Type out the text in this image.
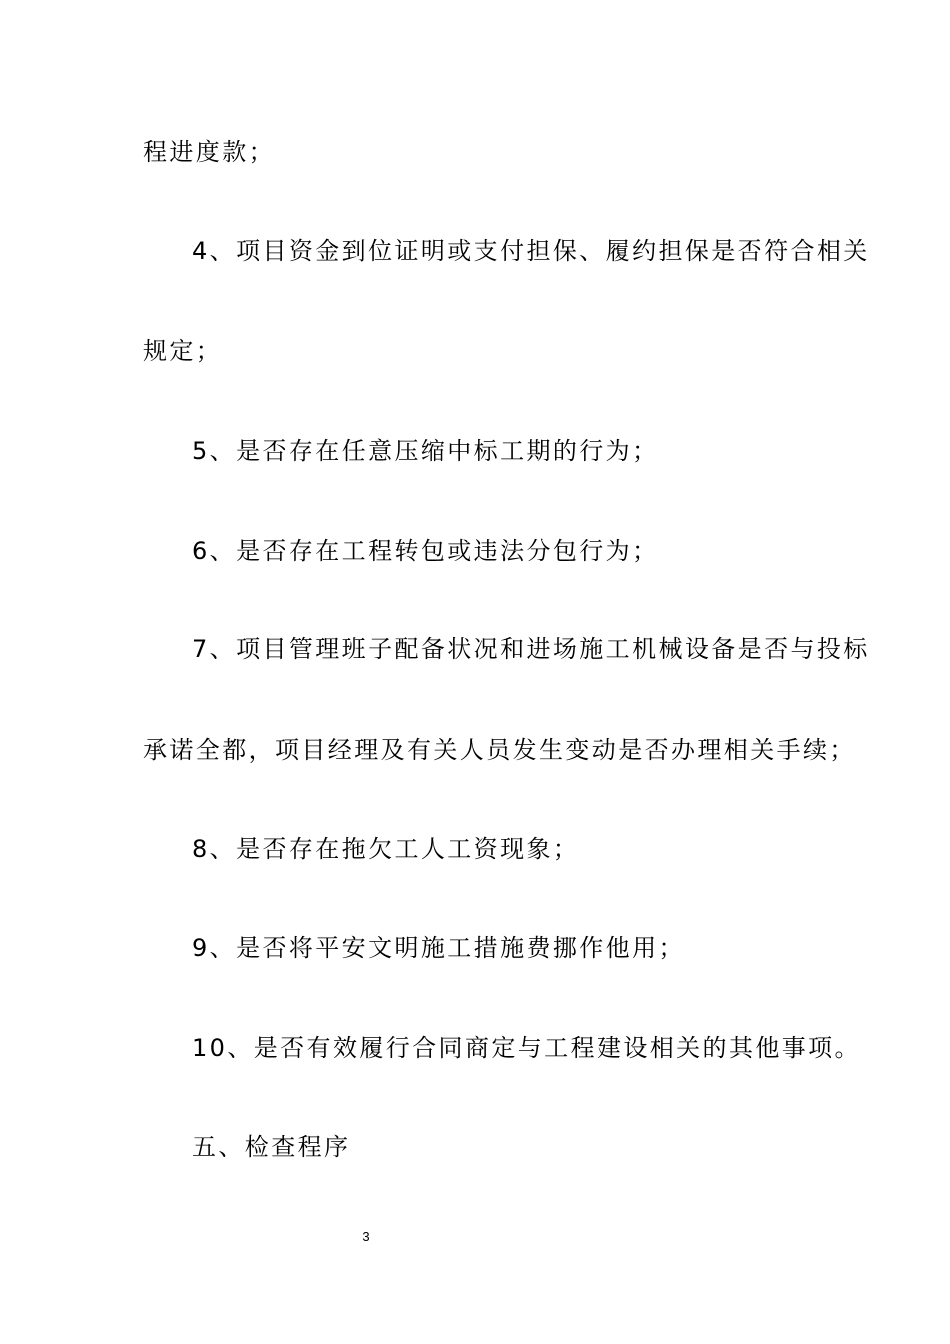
程进度款；
4、项目资金到位证明或支付担保、履约担保是否符合相关
规定；
5、是否存在任意压缩中标工期的行为；
6、是否存在工程转包或违法分包行为；
7、项目管理班子配备状况和进场施工机械设备是否与投标
承诺全都，项目经理及有关人员发生变动是否办理相关手续；
8、是否存在拖欠工人工资现象；
9、是否将平安文明施工措施费挪作他用；
10、是否有效履行合同商定与工程建设相关的其他事项。
五、检查程序
3
